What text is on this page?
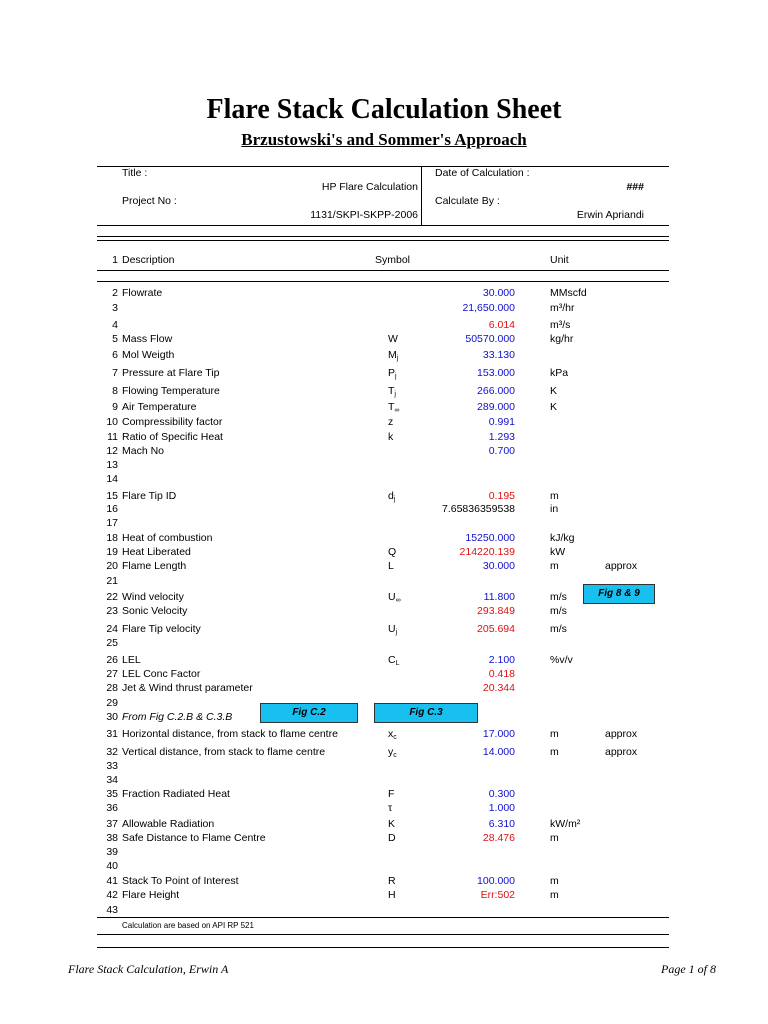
Flare Stack Calculation Sheet
Brzustowski's and Sommer's Approach
Title :
HP Flare Calculation
Date of Calculation :
###
Project No :
1131/SKPI-SKPP-2006
Calculate By :
Erwin Apriandi
1 Description	Symbol	Unit
2 Flowrate	30.000	MMscfd
3	21,650.000	m³/hr
4	6.014	m³/s
5 Mass Flow	W	50570.000	kg/hr
6 Mol Weigth	$M_j$	33.130
7 Pressure at Flare Tip	$P_j$	153.000	kPa
8 Flowing Temperature	$T_j$	266.000	K
9 Air Temperature	$T_\infty$	289.000	K
10 Compressibility factor	z	0.991
11 Ratio of Specific Heat	k	1.293
12 Mach No	0.700
13
14
15 Flare Tip ID	$d_j$	0.195	m
16	7.65836359538	in
17
18 Heat of combustion	15250.000	kJ/kg
19 Heat Liberated	Q	214220.139	kW
20 Flame Length	L	30.000	m	approx
21
22 Wind velocity	$U_\infty$	11.800	m/s
23 Sonic Velocity	293.849	m/s
24 Flare Tip velocity	$U_j$	205.694	m/s
25
26 LEL	$C_L$	2.100	%v/v
27 LEL Conc Factor	0.418
28 Jet & Wind thrust parameter	20.344
29
30 From Fig C.2.B & C.3.B
31 Horizontal distance, from stack to flame centre	$x_c$	17.000	m	approx
32 Vertical distance, from stack to flame centre	$y_c$	14.000	m	approx
33
34
35 Fraction Radiated Heat	F	0.300
36	τ	1.000
37 Allowable Radiation	K	6.310	kW/m²
38 Safe Distance to Flame Centre	D	28.476	m
39
40
41 Stack To Point of Interest	R	100.000	m
42 Flare Height	H	Err:502	m
43
Fig 8 & 9
Fig C.2	Fig C.3
Calculation are based on API RP 521
Flare Stack Calculation, Erwin A	Page 1 of 8
